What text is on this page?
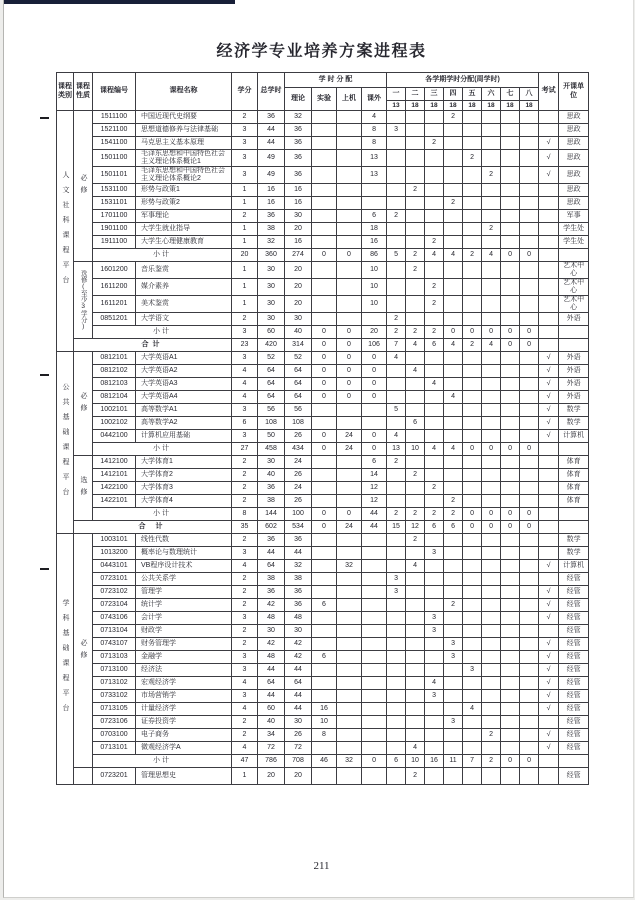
经济学专业培养方案进程表
课程类别	课程性质	课程编号	课程名称	学分	总学时	学 时 分 配				各学期学时分配(周学时)								考试	开课单位
						理论	实验	上机	课外	一	二	三	四	五	六	七	八		
										13	18	18	18	18	18	18	18		
人文社科课程平台	必修	1511100	中国近现代史纲要	2	36	32			4				2						思政
		1521100	思想道德修养与法律基础	3	44	36			8	3									思政
		1541100	马克思主义基本原理	3	44	36			8			2						√	思政
		1501100	毛泽东思想和中国特色社会主义理论体系概论1	3	49	36			13					2				√	思政
		1501101	毛泽东思想和中国特色社会主义理论体系概论2	3	49	36			13						2			√	思政
		1531100	形势与政策1	1	16	16					2								思政
		1531101	形势与政策2	1	16	16							2						思政
		1701100	军事理论	2	36	30			6	2									军事
		1901100	大学生就业指导	1	38	20			18						2				学生处
		1911100	大学生心理健康教育	1	32	16			16			2							学生处
		小计		20	360	274	0	0	86	5	2	4	4	2	4	0	0		
	选修(至少3学分)	1601200	音乐鉴赏	1	30	20			10		2								艺术中心
		1611200	媒介素养	1	30	20			10			2							艺术中心
		1611201	美术鉴赏	1	30	20			10			2							艺术中心
		0851201	大学语文	2	30	30				2									外语
		小计		3	60	40	0	0	20	2	2	2	0	0	0	0	0		
	合计			23	420	314	0	0	106	7	4	6	4	2	4	0	0		
公共基础课程平台	必修	0812101	大学英语A1	3	52	52	0	0	0	4								√	外语
		0812102	大学英语A2	4	64	64	0	0	0		4							√	外语
		0812103	大学英语A3	4	64	64	0	0	0			4						√	外语
		0812104	大学英语A4	4	64	64	0	0	0				4					√	外语
		1002101	高等数学A1	3	56	56				5								√	数学
		1002102	高等数学A2	6	108	108					6							√	数学
		0442100	计算机应用基础	3	50	26	0	24	0	4								√	计算机
		小计		27	458	434	0	24	0	13	10	4	4	0	0	0	0		
	选修	1412100	大学体育1	2	30	24			6	2									体育
		1412101	大学体育2	2	40	26			14		2								体育
		1422100	大学体育3	2	36	24			12			2							体育
		1422101	大学体育4	2	38	26			12				2						体育
		小计		8	144	100	0	0	44	2	2	2	2	0	0	0	0		
	合 计			35	602	534	0	24	44	15	12	6	6	0	0	0	0		
学科基础课程平台	必修	1003101	线性代数	2	36	36					2								数学
		1013200	概率论与数理统计	3	44	44						3							数学
		0443101	VB程序设计技术	4	64	32		32			4							√	计算机
		0723101	公共关系学	2	38	38				3									经管
		0723102	管理学	2	36	36				3								√	经管
		0723104	统计学	2	42	36	6						2					√	经管
		0743106	会计学	3	48	48						3						√	经管
		0713104	财政学	2	30	30						3							经管
		0743107	财务管理学	2	42	42							3					√	经管
		0713103	金融学	3	48	42	6						3					√	经管
		0713100	经济法	3	44	44								3				√	经管
		0713102	宏观经济学	4	64	64						4						√	经管
		0733102	市场营销学	3	44	44						3						√	经管
		0713105	计量经济学	4	60	44	16							4				√	经管
		0723106	证券投资学	2	40	30	10						3						经管
		0703100	电子商务	2	34	26	8								2			√	经管
		0713101	微观经济学A	4	72	72					4							√	经管
		小计		47	786	708	46	32	0	6	10	16	11	7	2	0	0		
		0723201	管理思想史	1	20	20					2								经管
211
